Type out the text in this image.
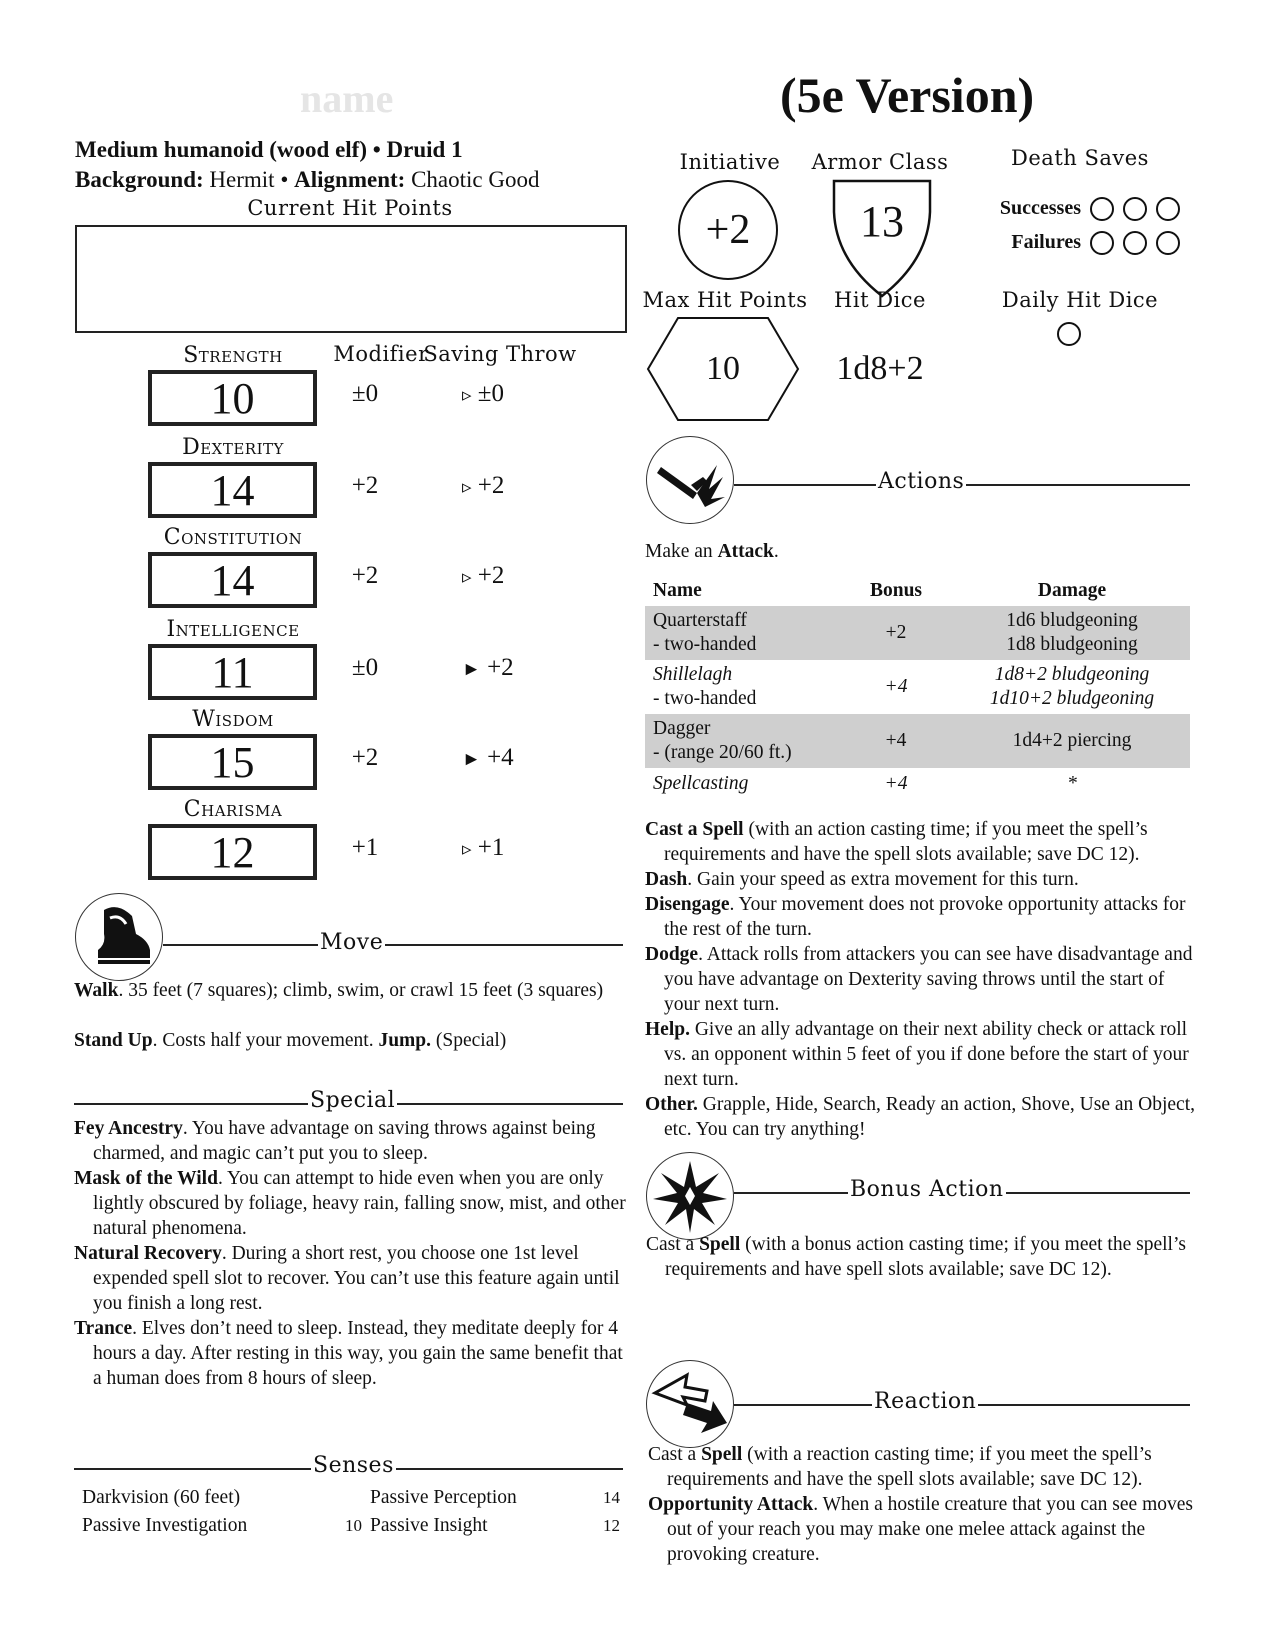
name	(5e Version)
Medium humanoid (wood elf) • Druid 1
Background: Hermit • Alignment: Chaotic Good
Current Hit Points
Modifier
Saving Throw
Strength
10	±0	▹ ±0
Dexterity
14	+2	▹ +2
Constitution
14	+2	▹ +2
Intelligence
11	±0	► +2
Wisdom
15	+2	► +4
Charisma
12	+1	▹ +1
Move
Walk. 35 feet (7 squares); climb, swim, or crawl 15 feet (3 squares)
Stand Up. Costs half your movement. Jump. (Special)
Special

Fey Ancestry. You have advantage on saving throws against being charmed, and magic can’t put you to sleep.

Mask of the Wild. You can attempt to hide even when you are only lightly obscured by foliage, heavy rain, falling snow, mist, and other natural phenomena.

Natural Recovery. During a short rest, you choose one 1st level expended spell slot to recover. You can’t use this feature again until you finish a long rest.

Trance. Elves don’t need to sleep. Instead, they meditate deeply for 4 hours a day. After resting in this way, you gain the same benefit that a human does from 8 hours of sleep.

Senses
Darkvision (60 feet)		Passive Perception	14
Passive Investigation	10	Passive Insight	12
Initiative
+2
Armor Class
13
Death Saves
Successes
Failures
Max Hit Points
10
Hit Dice
1d8+2
Daily Hit Dice
Actions
Make an Attack.
Name	Bonus	Damage
Quarterstaff
- two-handed	+2	1d6 bludgeoning
1d8 bludgeoning
Shillelagh
- two-handed	+4	1d8+2 bludgeoning
1d10+2 bludgeoning
Dagger
- (range 20/60 ft.)	+4	1d4+2 piercing
Spellcasting	+4	*

Cast a Spell (with an action casting time; if you meet the spell’s requirements and have the spell slots available; save DC 12).

Dash. Gain your speed as extra movement for this turn.

Disengage. Your movement does not provoke opportunity attacks for the rest of the turn.

Dodge. Attack rolls from attackers you can see have disadvantage and you have advantage on Dexterity saving throws until the start of your next turn.

Help. Give an ally advantage on their next ability check or attack roll vs. an opponent within 5 feet of you if done before the start of your next turn.

Other. Grapple, Hide, Search, Ready an action, Shove, Use an Object, etc. You can try anything!

Bonus Action

Cast a Spell (with a bonus action casting time; if you meet the spell’s requirements and have spell slots available; save DC 12).

Reaction

Cast a Spell (with a reaction casting time; if you meet the spell’s requirements and have the spell slots available; save DC 12).

Opportunity Attack. When a hostile creature that you can see moves out of your reach you may make one melee attack against the provoking creature.
